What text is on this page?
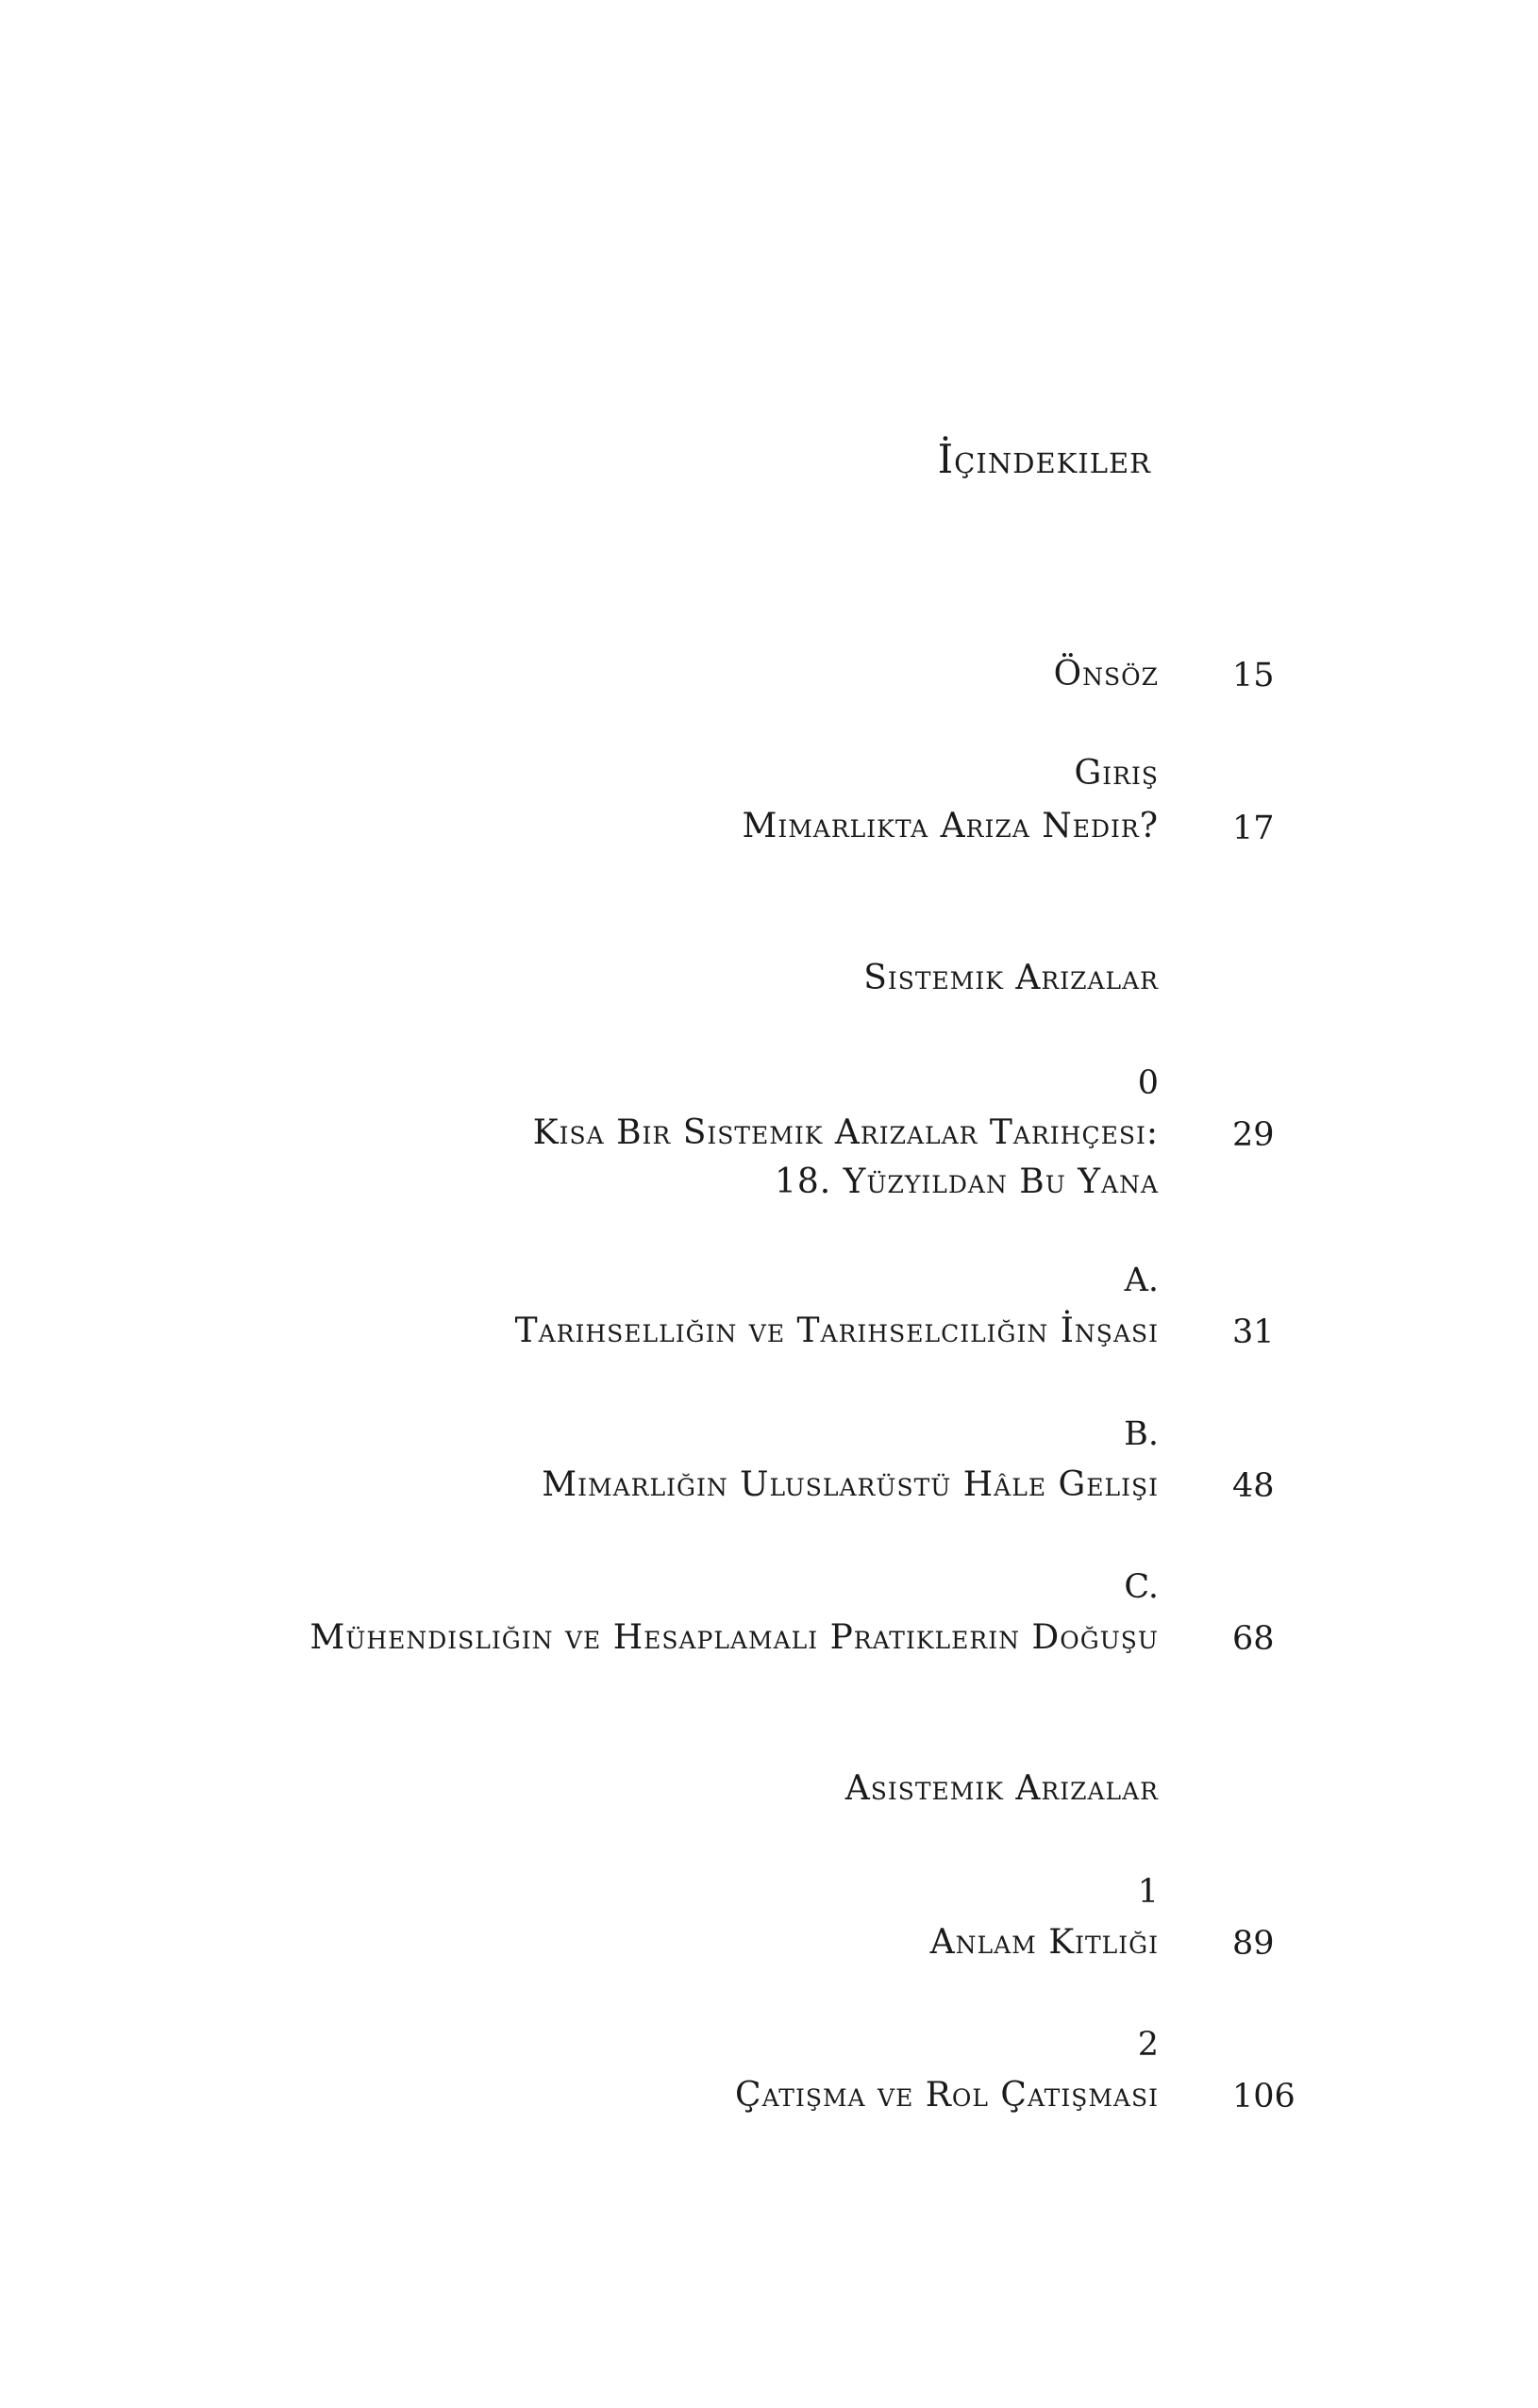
İçindekiler
Önsöz 15
Giriş
Mimarlıkta Arıza Nedir? 17
Sistemik Arızalar
0
Kısa Bir Sistemik Arızalar Tarihçesi:
18. Yüzyıldan Bu Yana
29
A.
Tarihselliğin ve Tarihselciliğin İnşası 31
B.
Mimarlığın Uluslarüstü Hâle Gelişi 48
C.
Mühendisliğin ve Hesaplamalı Pratiklerin Doğuşu 68
Asistemik Arızalar
1
Anlam Kıtlığı 89
2
Çatışma ve Rol Çatışması 106
